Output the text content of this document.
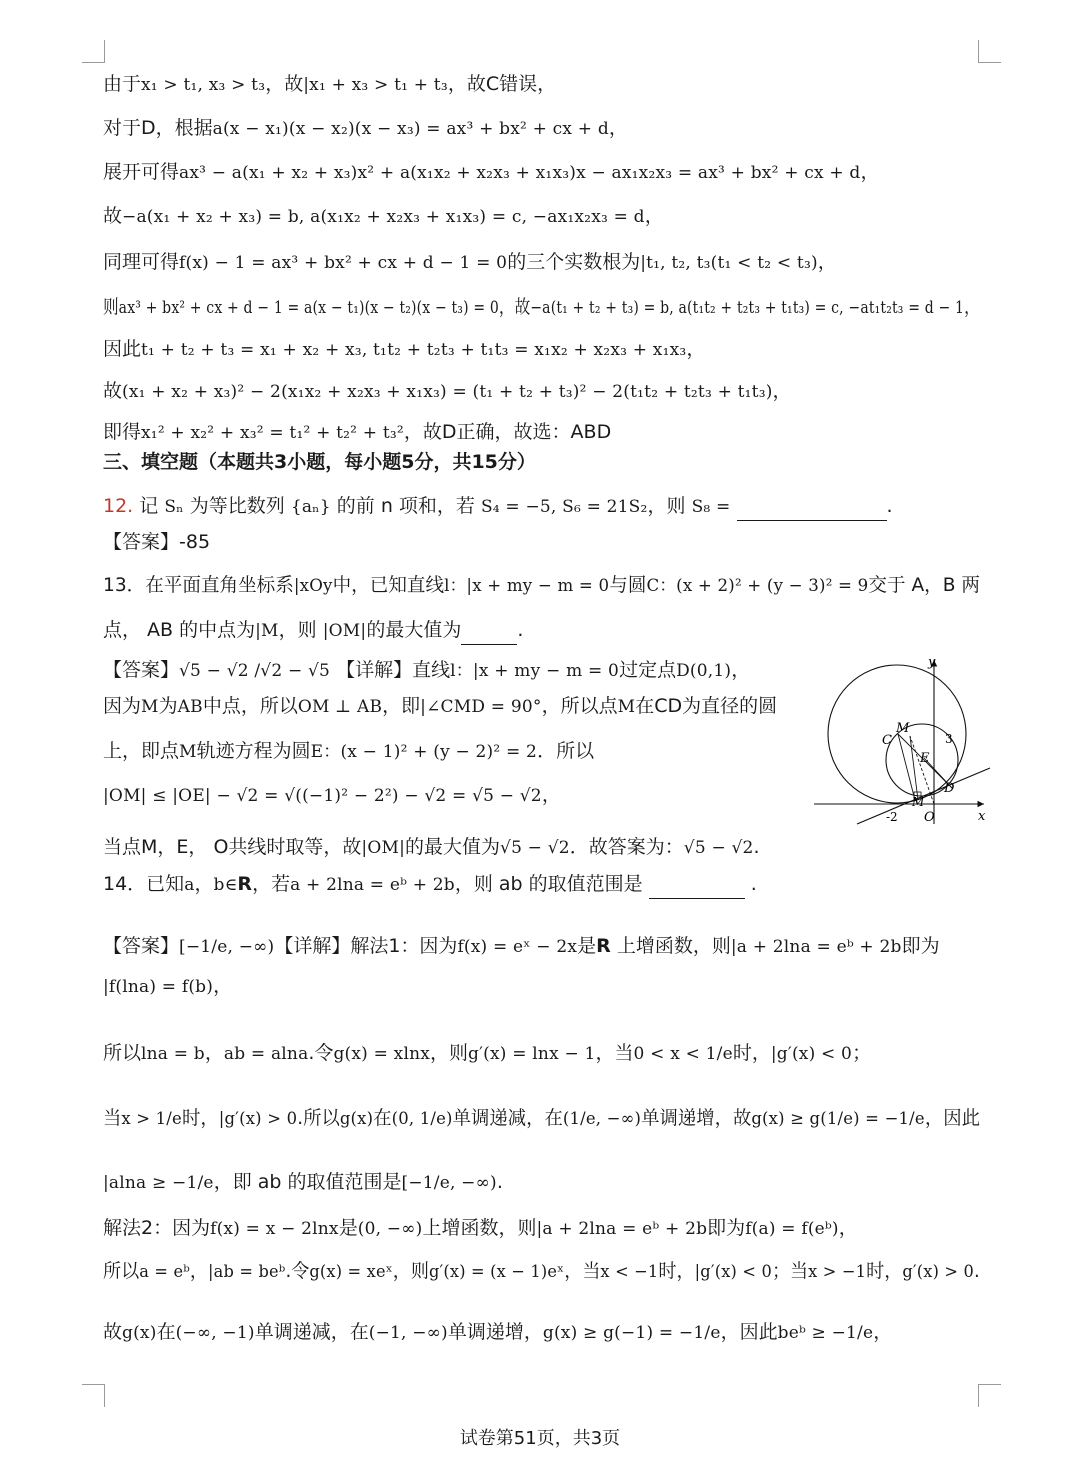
由于x₁ > t₁, x₃ > t₃，故|x₁ + x₃ > t₁ + t₃，故C错误，
对于D，根据a(x − x₁)(x − x₂)(x − x₃) = ax³ + bx² + cx + d，
展开可得ax³ − a(x₁ + x₂ + x₃)x² + a(x₁x₂ + x₂x₃ + x₁x₃)x − ax₁x₂x₃ = ax³ + bx² + cx + d，
故−a(x₁ + x₂ + x₃) = b, a(x₁x₂ + x₂x₃ + x₁x₃) = c, −ax₁x₂x₃ = d，
同理可得f(x) − 1 = ax³ + bx² + cx + d − 1 = 0的三个实数根为|t₁, t₂, t₃(t₁ < t₂ < t₃)，
则ax³ + bx² + cx + d − 1 = a(x − t₁)(x − t₂)(x − t₃) = 0，故−a(t₁ + t₂ + t₃) = b, a(t₁t₂ + t₂t₃ + t₁t₃) = c, −at₁t₂t₃ = d − 1，
因此t₁ + t₂ + t₃ = x₁ + x₂ + x₃, t₁t₂ + t₂t₃ + t₁t₃ = x₁x₂ + x₂x₃ + x₁x₃，
故(x₁ + x₂ + x₃)² − 2(x₁x₂ + x₂x₃ + x₁x₃) = (t₁ + t₂ + t₃)² − 2(t₁t₂ + t₂t₃ + t₁t₃)，
即得x₁² + x₂² + x₃² = t₁² + t₂² + t₃²，故D正确，故选：ABD
三、填空题（本题共3小题，每小题5分，共15分）
12. 记 Sₙ 为等比数列 {aₙ} 的前 n 项和，若 S₄ = −5, S₆ = 21S₂，则 S₈ =	.
【答案】-85
13．在平面直角坐标系|xOy中，已知直线l：|x + my − m = 0与圆C：(x + 2)² + (y − 3)² = 9交于 A，B 两
点， AB 的中点为|M，则 |OM|的最大值为	.
【答案】√5 − √2 /√2 − √5 【详解】直线l：|x + my − m = 0过定点D(0,1)，
因为M为AB中点，所以OM ⊥ AB，即|∠CMD = 90°，所以点M在CD为直径的圆
上，即点M轨迹方程为圆E：(x − 1)² + (y − 2)² = 2．所以
|OM| ≤ |OE| − √2 = √((−1)² − 2²) − √2 = √5 − √2，
当点M，E， O共线时取等，故|OM|的最大值为√5 − √2．故答案为：√5 − √2.
14．已知a，b∈R，若a + 2lna = eᵇ + 2b，则 ab 的取值范围是	.
【答案】[−1/e, −∞)【详解】解法1：因为f(x) = eˣ − 2x是R 上增函数，则|a + 2lna = eᵇ + 2b即为
|f(lna) = f(b)，
所以lna = b，ab = alna.令g(x) = xlnx，则g′(x) = lnx − 1，当0 < x < 1/e时，|g′(x) < 0；
当x > 1/e时，|g′(x) > 0.所以g(x)在(0, 1/e)单调递减，在(1/e, −∞)单调递增，故g(x) ≥ g(1/e) = −1/e，因此
|alna ≥ −1/e，即 ab 的取值范围是[−1/e, −∞).
解法2：因为f(x) = x − 2lnx是(0, −∞)上增函数，则|a + 2lna = eᵇ + 2b即为f(a) = f(eᵇ)，
所以a = eᵇ，|ab = beᵇ.令g(x) = xeˣ，则g′(x) = (x − 1)eˣ，当x < −1时，|g′(x) < 0；当x > −1时，g′(x) > 0.
故g(x)在(−∞, −1)单调递减，在(−1, −∞)单调递增，g(x) ≥ g(−1) = −1/e，因此beᵇ ≥ −1/e，
y
x
O
-2
3
C
M
E
D
M
试卷第51页，共3页
